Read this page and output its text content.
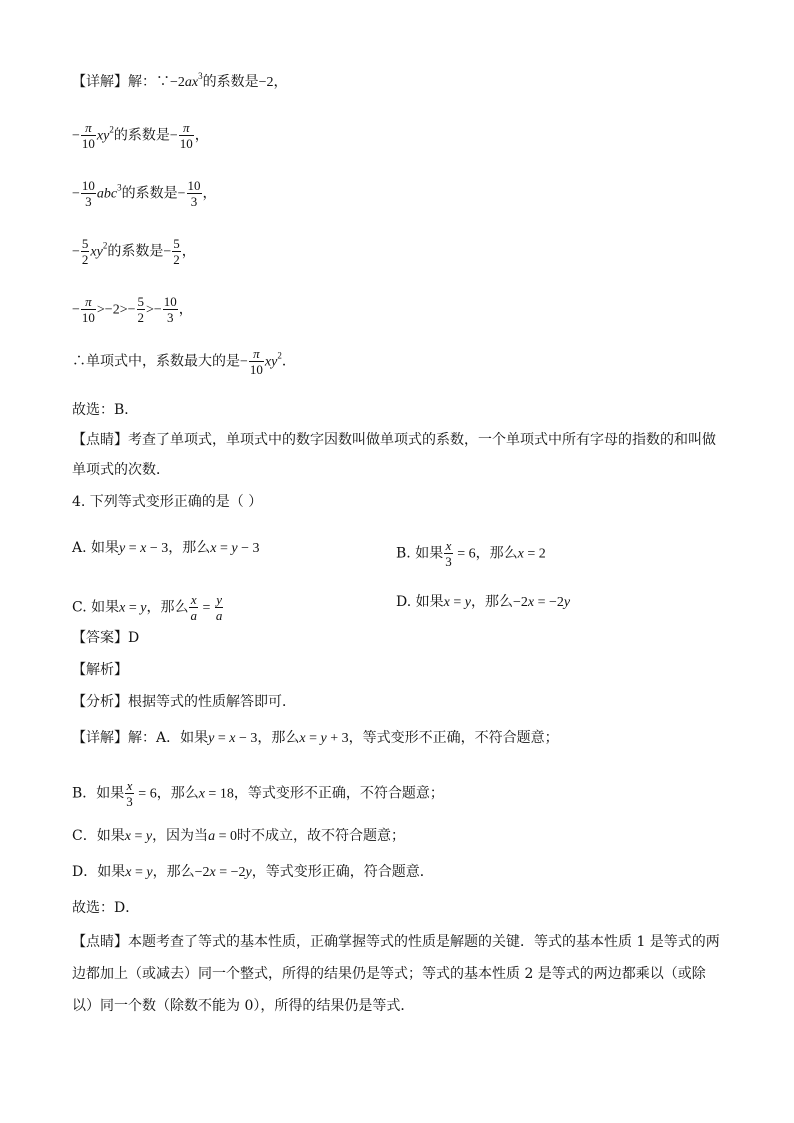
【详解】解：$\because-2ax^3$的系数是−2，
− $\frac{\pi}{10} xy^2$的系数是− $\frac{\pi}{10}$ ，
− $\frac{10}{3} abc^3$的系数是− $\frac{10}{3}$ ，
− $\frac{5}{2} xy^2$的系数是− $\frac{5}{2}$ ，
− $\frac{\pi}{10} >-2>- \frac{5}{2} >- \frac{10}{3}$ ，
∴单项式中，系数最大的是− $\frac{\pi}{10} xy^2$．
故选：B．
【点睛】考查了单项式，单项式中的数字因数叫做单项式的系数，一个单项式中所有字母的指数的和叫做
单项式的次数．
4. 下列等式变形正确的是（ ）
A. 如果y = x − 3，那么x = y − 3	B. 如果 $\frac{x}{3} = 6$，那么x = 2
C. 如果x = y，那么 $\frac{x}{a} = \frac{y}{a}$	D. 如果x = y，那么−2x = −2y
【答案】D
【解析】
【分析】根据等式的性质解答即可．
【详解】解：A．如果y = x − 3，那么x = y + 3，等式变形不正确，不符合题意；
B．如果 $\frac{x}{3} = 6$，那么x = 18，等式变形不正确，不符合题意；
C．如果x = y，因为当a = 0时不成立，故不符合题意；
D．如果x = y，那么−2x = −2y，等式变形正确，符合题意．
故选：D．
【点睛】本题考查了等式的基本性质，正确掌握等式的性质是解题的关键．等式的基本性质 1 是等式的两
边都加上（或减去）同一个整式，所得的结果仍是等式；等式的基本性质 2 是等式的两边都乘以（或除
以）同一个数（除数不能为 0），所得的结果仍是等式．
